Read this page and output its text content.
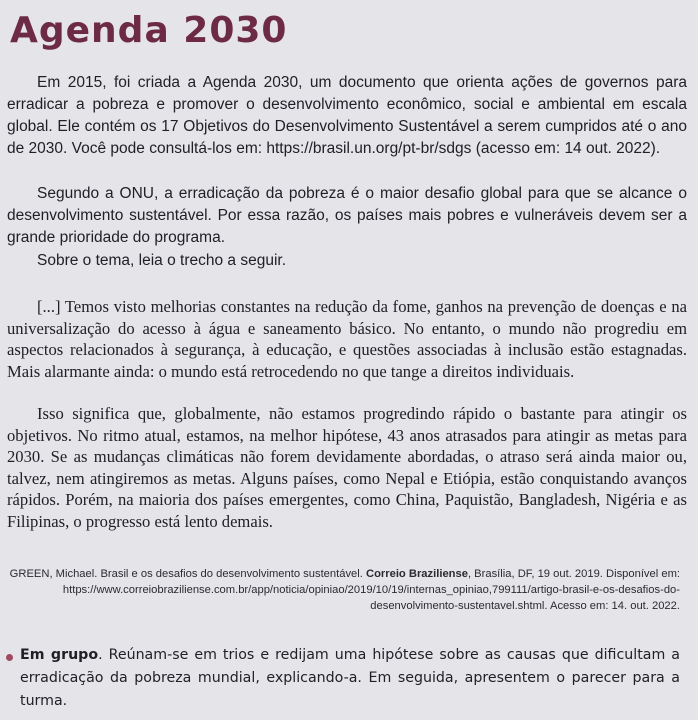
Agenda 2030

Em 2015, foi criada a Agenda 2030, um documento que orienta ações de governos para erradicar a pobreza e promover o desenvolvimento econômico, social e ambiental em escala global. Ele contém os 17 Objetivos do Desenvolvimento Sustentável a serem cumpridos até o ano de 2030. Você pode consultá-los em: https://brasil.un.org/pt-br/sdgs (acesso em: 14 out. 2022).

Segundo a ONU, a erradicação da pobreza é o maior desafio global para que se alcance o desenvolvimento sustentável. Por essa razão, os países mais pobres e vulneráveis devem ser a grande prioridade do programa.

Sobre o tema, leia o trecho a seguir.

[...] Temos visto melhorias constantes na redução da fome, ganhos na prevenção de doenças e na universalização do acesso à água e saneamento básico. No entanto, o mundo não progrediu em aspectos relacionados à segurança, à educação, e questões associadas à inclusão estão estagnadas. Mais alarmante ainda: o mundo está retrocedendo no que tange a direitos individuais.

Isso significa que, globalmente, não estamos progredindo rápido o bastante para atingir os objetivos. No ritmo atual, estamos, na melhor hipótese, 43 anos atrasados para atingir as metas para 2030. Se as mudanças climáticas não forem devidamente abordadas, o atraso será ainda maior ou, talvez, nem atingiremos as metas. Alguns países, como Nepal e Etiópia, estão conquistando avanços rápidos. Porém, na maioria dos países emergentes, como China, Paquistão, Bangladesh, Nigéria e as Filipinas, o progresso está lento demais.

GREEN, Michael. Brasil e os desafios do desenvolvimento sustentável. Correio Braziliense, Brasília, DF, 19 out. 2019. Disponível em: https://www.correiobraziliense.com.br/app/noticia/opiniao/2019/10/19/internas_opiniao,799111/artigo-brasil-e-os-desafios-do-desenvolvimento-sustentavel.shtml. Acesso em: 14. out. 2022.

Em grupo. Reúnam-se em trios e redijam uma hipótese sobre as causas que dificultam a erradicação da pobreza mundial, explicando-a. Em seguida, apresentem o parecer para a turma.
